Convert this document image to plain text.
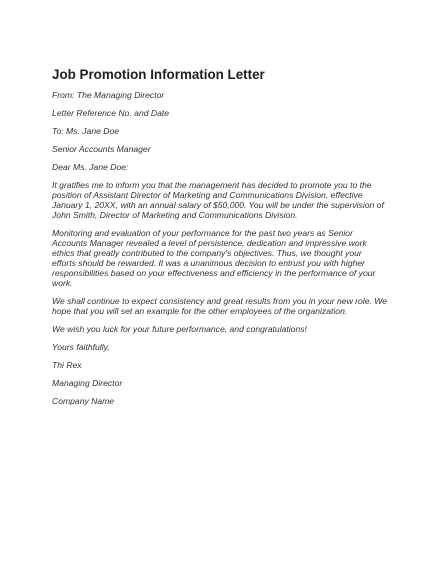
Job Promotion Information Letter
From: The Managing Director
Letter Reference No. and Date
To: Ms. Jane Doe
Senior Accounts Manager
Dear Ms. Jane Doe:
It gratifies me to inform you that the management has decided to promote you to the
position of Assistant Director of Marketing and Communications Division, effective
January 1, 20XX, with an annual salary of $50,000. You will be under the supervision of
John Smith, Director of Marketing and Communications Division.
Monitoring and evaluation of your performance for the past two years as Senior
Accounts Manager revealed a level of persistence, dedication and impressive work
ethics that greatly contributed to the company's objectives. Thus, we thought your
efforts should be rewarded. It was a unanimous decision to entrust you with higher
responsibilities based on your effectiveness and efficiency in the performance of your
work.
We shall continue to expect consistency and great results from you in your new role. We
hope that you will set an example for the other employees of the organization.
We wish you luck for your future performance, and congratulations!
Yours faithfully,
Thi Rex
Managing Director
Company Name
